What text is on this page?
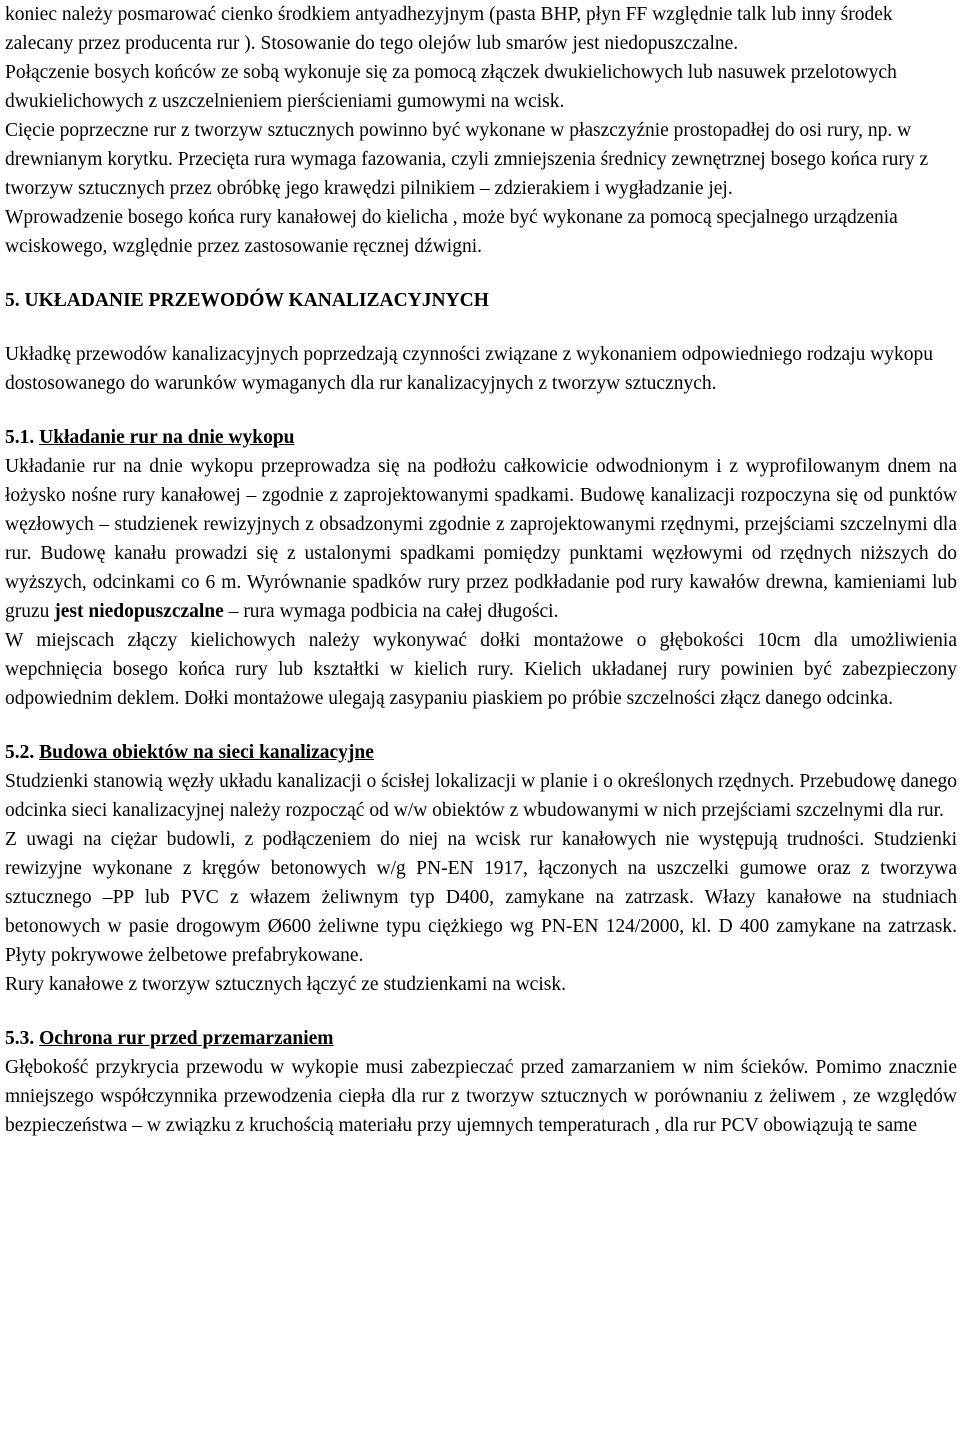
koniec należy posmarować cienko środkiem antyadhezyjnym (pasta BHP, płyn FF względnie talk lub inny środek zalecany przez producenta rur ). Stosowanie do tego olejów lub smarów jest niedopuszczalne.

Połączenie bosych końców ze sobą wykonuje się za pomocą złączek dwukielichowych lub nasuwek przelotowych dwukielichowych z uszczelnieniem pierścieniami gumowymi na wcisk.

Cięcie poprzeczne rur z tworzyw sztucznych powinno być wykonane w płaszczyźnie prostopadłej do osi rury, np. w drewnianym korytku. Przecięta rura wymaga fazowania, czyli zmniejszenia średnicy zewnętrznej bosego końca rury z tworzyw sztucznych przez obróbkę jego krawędzi pilnikiem – zdzierakiem i wygładzanie jej.

Wprowadzenie bosego końca rury kanałowej do kielicha , może być wykonane za pomocą specjalnego urządzenia wciskowego, względnie przez zastosowanie ręcznej dźwigni.

5. UKŁADANIE PRZEWODÓW KANALIZACYJNYCH

Układkę przewodów kanalizacyjnych poprzedzają czynności związane z wykonaniem odpowiedniego rodzaju wykopu dostosowanego do warunków wymaganych dla rur kanalizacyjnych z tworzyw sztucznych.

5.1. Układanie rur na dnie wykopu

Układanie rur na dnie wykopu przeprowadza się na podłożu całkowicie odwodnionym i z wyprofilowanym dnem na łożysko nośne rury kanałowej – zgodnie z zaprojektowanymi spadkami. Budowę kanalizacji rozpoczyna się od punktów węzłowych – studzienek rewizyjnych z obsadzonymi zgodnie z zaprojektowanymi rzędnymi, przejściami szczelnymi dla rur. Budowę kanału prowadzi się z ustalonymi spadkami pomiędzy punktami węzłowymi od rzędnych niższych do wyższych, odcinkami co 6 m. Wyrównanie spadków rury przez podkładanie pod rury kawałów drewna, kamieniami lub gruzu jest niedopuszczalne – rura wymaga podbicia na całej długości.

W miejscach złączy kielichowych należy wykonywać dołki montażowe o głębokości 10cm dla umożliwienia wepchnięcia bosego końca rury lub kształtki w kielich rury. Kielich układanej rury powinien być zabezpieczony odpowiednim deklem. Dołki montażowe ulegają zasypaniu piaskiem po próbie szczelności złącz danego odcinka.

5.2. Budowa obiektów na sieci kanalizacyjne

Studzienki stanowią węzły układu kanalizacji o ścisłej lokalizacji w planie i o określonych rzędnych. Przebudowę danego odcinka sieci kanalizacyjnej należy rozpocząć od w/w obiektów z wbudowanymi w nich przejściami szczelnymi dla rur.

Z uwagi na ciężar budowli, z podłączeniem do niej na wcisk rur kanałowych nie występują trudności. Studzienki rewizyjne wykonane z kręgów betonowych w/g PN-EN 1917, łączonych na uszczelki gumowe oraz z tworzywa sztucznego –PP lub PVC z włazem żeliwnym typ D400, zamykane na zatrzask. Włazy kanałowe na studniach betonowych w pasie drogowym Ø600 żeliwne typu ciężkiego wg PN-EN 124/2000, kl. D 400 zamykane na zatrzask. Płyty pokrywowe żelbetowe prefabrykowane.

Rury kanałowe z tworzyw sztucznych łączyć ze studzienkami na wcisk.

5.3. Ochrona rur przed przemarzaniem

Głębokość przykrycia przewodu w wykopie musi zabezpieczać przed zamarzaniem w nim ścieków. Pomimo znacznie mniejszego współczynnika przewodzenia ciepła dla rur z tworzyw sztucznych w porównaniu z żeliwem , ze względów bezpieczeństwa – w związku z kruchością materiału przy ujemnych temperaturach , dla rur PCV obowiązują te same
